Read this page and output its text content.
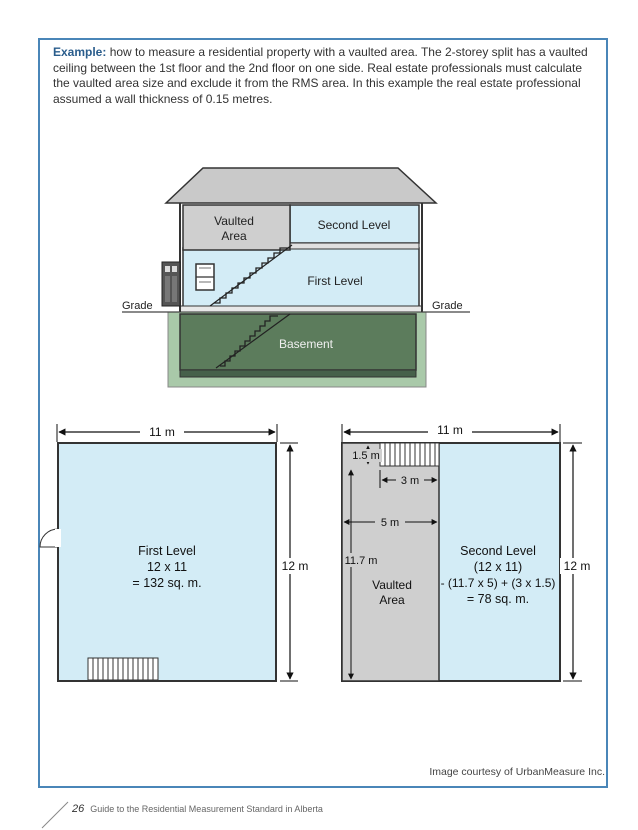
Example: how to measure a residential property with a vaulted area. The 2-storey split has a vaulted ceiling between the 1st floor and the 2nd floor on one side. Real estate professionals must calculate the vaulted area size and exclude it from the RMS area. In this example the real estate professional assumed a wall thickness of 0.15 metres.

Vaulted
Area
Second Level
First Level
Basement
Grade	Grade
11 m
First Level
12 x 11
= 132 sq. m.
12 m
11 m
1.5 m
3 m
5 m
11.7 m
Vaulted
Area
Second Level
(12 x 11)
- (11.7 x 5) + (3 x 1.5)
= 78 sq. m.
12 m
Image courtesy of UrbanMeasure Inc.
26 Guide to the Residential Measurement Standard in Alberta
